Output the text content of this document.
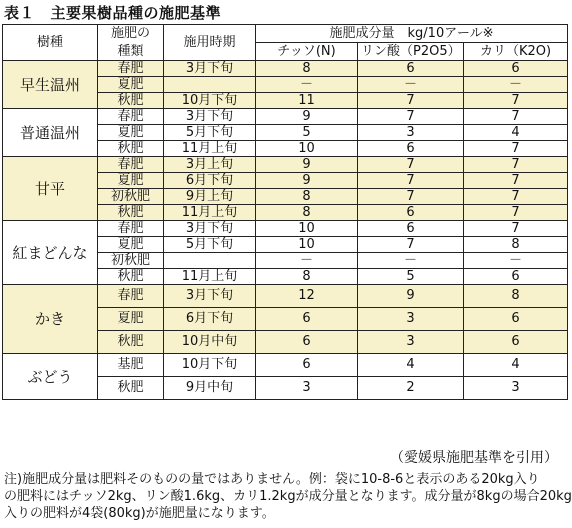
表１　主要果樹品種の施肥基準
樹種	施肥の	施用時期	施肥成分量　kg/10アール※		
	種類		チッソ(N)	リン酸（P2O5）	カリ（K2O)
早生温州	春肥	3月下旬	8	6	6
	夏肥		－	－	－
	秋肥	10月下旬	11	7	7
普通温州	春肥	3月下旬	9	7	7
	夏肥	5月下旬	5	3	4
	秋肥	11月上旬	10	6	7
甘平	春肥	3月上旬	9	7	7
	夏肥	6月下旬	9	7	7
	初秋肥	9月上旬	8	7	7
	秋肥	11月上旬	8	6	7
紅まどんな	春肥	3月下旬	10	6	7
	夏肥	5月下旬	10	7	8
	初秋肥		－	－	－
	秋肥	11月上旬	8	5	6
かき	春肥	3月下旬	12	9	8
	夏肥	6月下旬	6	3	6
	秋肥	10月中旬	6	3	6
ぶどう	基肥	10月下旬	6	4	4
	秋肥	9月中旬	3	2	3
（愛媛県施肥基準を引用）
注)施肥成分量は肥料そのものの量ではありません。例：袋に10-8-6と表示のある20kg入り
の肥料にはチッソ2kg、リン酸1.6kg、カリ1.2kgが成分量となります。成分量が8kgの場合20kg
入りの肥料が4袋(80kg)が施肥量になります。
